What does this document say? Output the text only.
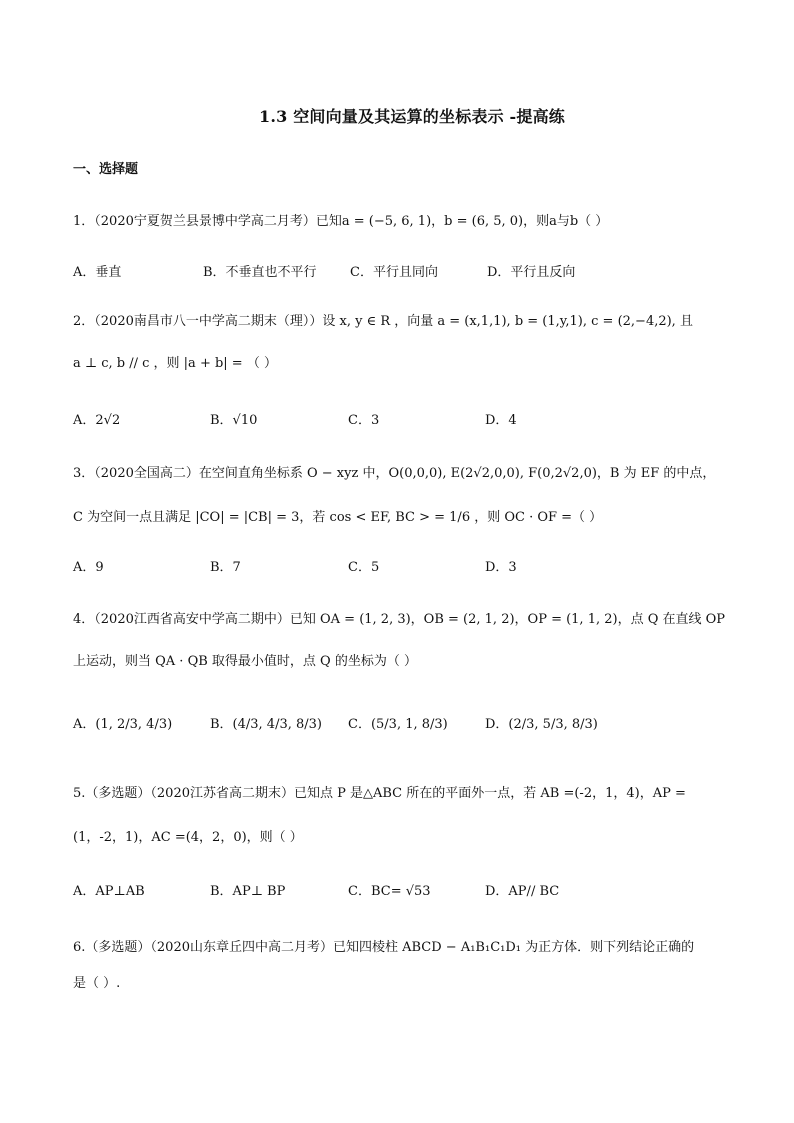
1.3 空间向量及其运算的坐标表示 -提高练
一、选择题
1．（2020宁夏贺兰县景博中学高二月考）已知a = (−5, 6, 1)，b = (6, 5, 0)，则a与b（ ）
A．垂直	B．不垂直也不平行	C．平行且同向	D．平行且反向
2．（2020南昌市八一中学高二期末（理））设 x, y ∈ R ，向量 a = (x,1,1), b = (1,y,1), c = (2,−4,2), 且
a ⊥ c, b // c ，则 |a + b| = （ ）
A．2√2	B．√10	C．3	D．4
3．（2020全国高二）在空间直角坐标系 O − xyz 中，O(0,0,0), E(2√2,0,0), F(0,2√2,0)，B 为 EF 的中点，
C 为空间一点且满足 |CO| = |CB| = 3，若 cos < EF, BC > = 1/6 ，则 OC · OF =（ ）
A．9	B．7	C．5	D．3
4．（2020江西省高安中学高二期中）已知 OA = (1, 2, 3)，OB = (2, 1, 2)，OP = (1, 1, 2)，点 Q 在直线 OP
上运动，则当 QA · QB 取得最小值时，点 Q 的坐标为（ ）
A．(1, 2/3, 4/3)	B．(4/3, 4/3, 8/3)	C．(5/3, 1, 8/3)	D．(2/3, 5/3, 8/3)
5.（多选题）（2020江苏省高二期末）已知点 P 是△ABC 所在的平面外一点，若 AB =(-2，1，4)，AP =
(1，-2，1)，AC =(4，2，0)，则（ ）
A．AP⊥AB	B．AP⊥ BP	C．BC= √53	D．AP// BC
6.（多选题）（2020山东章丘四中高二月考）已知四棱柱 ABCD − A₁B₁C₁D₁ 为正方体．则下列结论正确的
是（ ）.
